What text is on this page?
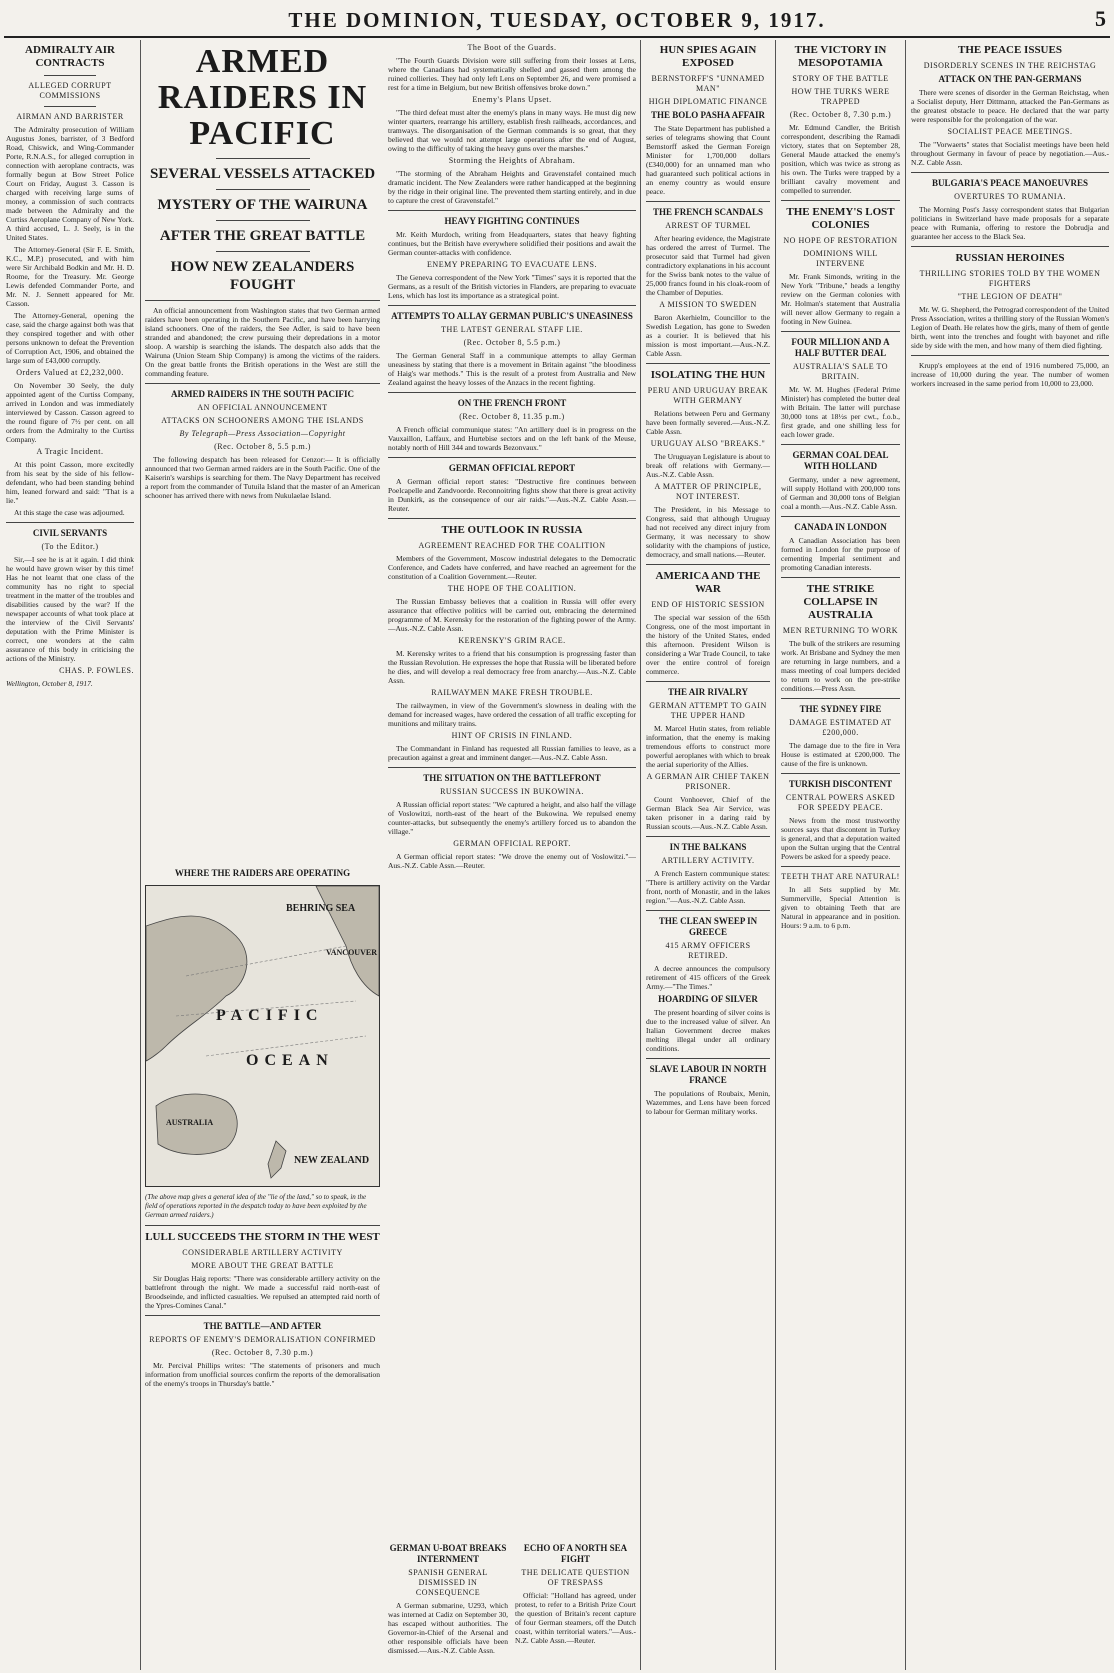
THE DOMINION, TUESDAY, OCTOBER 9, 1917.	5
ADMIRALTY AIR CONTRACTS
ALLEGED CORRUPT COMMISSIONS
AIRMAN AND BARRISTER

The Admiralty prosecution of William Augustus Jones, barrister, of 3 Bedford Road, Chiswick, and Wing-Commander Porte, R.N.A.S., for alleged corruption in connection with aeroplane contracts, was formally begun at Bow Street Police Court on Friday, August 3. Casson is charged with receiving large sums of money, a commission of such contracts made between the Admiralty and the Curtiss Aeroplane Company of New York. A third accused, L. J. Seely, is in the United States.

The Attorney-General (Sir F. E. Smith, K.C., M.P.) prosecuted, and with him were Sir Archibald Bodkin and Mr. H. D. Roome, for the Treasury. Mr. George Lewis defended Commander Porte, and Mr. N. J. Sennett appeared for Mr. Casson.

The Attorney-General, opening the case, said the charge against both was that they conspired together and with other persons unknown to defeat the Prevention of Corruption Act, 1906, and obtained the large sum of £43,000 corruptly.

Orders Valued at £2,232,000.

On November 30 Seely, the duly appointed agent of the Curtiss Company, arrived in London and was immediately interviewed by Casson. Casson agreed to the round figure of 7½ per cent. on all orders from the Admiralty to the Curtiss Company.

A Tragic Incident.

At this point Casson, more excitedly from his seat by the side of his fellow-defendant, who had been standing behind him, leaned forward and said: "That is a lie."

At this stage the case was adjourned.

CIVIL SERVANTS
(To the Editor.)

Sir,—I see he is at it again. I did think he would have grown wiser by this time! Has he not learnt that one class of the community has no right to special treatment in the matter of the troubles and disabilities caused by the war? If the newspaper accounts of what took place at the interview of the Civil Servants' deputation with the Prime Minister is correct, one wonders at the calm assurance of this body in criticising the actions of the Ministry.

CHAS. P. FOWLES.

Wellington, October 8, 1917.

ARMED RAIDERS IN PACIFIC
SEVERAL VESSELS ATTACKED
MYSTERY OF THE WAIRUNA
AFTER THE GREAT BATTLE
HOW NEW ZEALANDERS FOUGHT

An official announcement from Washington states that two German armed raiders have been operating in the Southern Pacific, and have been harrying island schooners. One of the raiders, the See Adler, is said to have been stranded and abandoned; the crew pursuing their depredations in a motor sloop. A warship is searching the islands. The despatch also adds that the Wairuna (Union Steam Ship Company) is among the victims of the raiders. On the great battle fronts the British operations in the West are still the commanding feature.

ARMED RAIDERS IN THE SOUTH PACIFIC
AN OFFICIAL ANNOUNCEMENT
ATTACKS ON SCHOONERS AMONG THE ISLANDS
By Telegraph—Press Association—Copyright
(Rec. October 8, 5.5 p.m.)

The following despatch has been released for Cenzor:— It is officially announced that two German armed raiders are in the South Pacific. One of the Kaiserin's warships is searching for them. The Navy Department has received a report from the commander of Tutuila Island that the master of an American schooner has arrived there with news from Nukulaelae Island.

The Boot of the Guards.

"The Fourth Guards Division were still suffering from their losses at Lens, where the Canadians had systematically shelled and gassed them among the ruined collieries. They had only left Lens on September 26, and were promised a rest for a time in Belgium, but new British offensives broke down."

Enemy's Plans Upset.

"The third defeat must alter the enemy's plans in many ways. He must dig new winter quarters, rearrange his artillery, establish fresh railheads, accordances, and tramways. The disorganisation of the German commands is so great, that they believed that we would not attempt large operations after the end of August, owing to the difficulty of taking the heavy guns over the marshes."

Storming the Heights of Abraham.

"The storming of the Abraham Heights and Gravenstafel contained much dramatic incident. The New Zealanders were rather handicapped at the beginning by the ridge in their original line. The prevented them starting entirely, and in due to capture the crest of Gravenstafel."

HEAVY FIGHTING CONTINUES

Mr. Keith Murdoch, writing from Headquarters, states that heavy fighting continues, but the British have everywhere solidified their positions and await the German counter-attacks with confidence.

ENEMY PREPARING TO EVACUATE LENS.

The Geneva correspondent of the New York "Times" says it is reported that the Germans, as a result of the British victories in Flanders, are preparing to evacuate Lens, which has lost its importance as a strategical point.

ATTEMPTS TO ALLAY GERMAN PUBLIC'S UNEASINESS
THE LATEST GENERAL STAFF LIE.
(Rec. October 8, 5.5 p.m.)

The German General Staff in a communique attempts to allay German uneasiness by stating that there is a movement in Britain against "the bloodiness of Haig's war methods." This is the result of a protest from Australia and New Zealand against the heavy losses of the Anzacs in the recent fighting.

ON THE FRENCH FRONT
(Rec. October 8, 11.35 p.m.)

A French official communique states: "An artillery duel is in progress on the Vauxaillon, Laffaux, and Hurtebise sectors and on the left bank of the Meuse, notably north of Hill 344 and towards Bezonvaux."

GERMAN OFFICIAL REPORT

A German official report states: "Destructive fire continues between Poelcapelle and Zandvoorde. Reconnoitring fights show that there is great activity in Dunkirk, as the consequence of our air raids."—Aus.-N.Z. Cable Assn.—Reuter.

THE OUTLOOK IN RUSSIA
AGREEMENT REACHED FOR THE COALITION

Members of the Government, Moscow industrial delegates to the Democratic Conference, and Cadets have conferred, and have reached an agreement for the constitution of a Coalition Government.—Reuter.

THE HOPE OF THE COALITION.

The Russian Embassy believes that a coalition in Russia will offer every assurance that effective politics will be carried out, embracing the determined programme of M. Kerensky for the restoration of the fighting power of the Army.—Aus.-N.Z. Cable Assn.

KERENSKY'S GRIM RACE.

M. Kerensky writes to a friend that his consumption is progressing faster than the Russian Revolution. He expresses the hope that Russia will be liberated before he dies, and will develop a real democracy free from anarchy.—Aus.-N.Z. Cable Assn.

RAILWAYMEN MAKE FRESH TROUBLE.

The railwaymen, in view of the Government's slowness in dealing with the demand for increased wages, have ordered the cessation of all traffic excepting for munitions and military trains.

HINT OF CRISIS IN FINLAND.

The Commandant in Finland has requested all Russian families to leave, as a precaution against a great and imminent danger.—Aus.-N.Z. Cable Assn.

THE SITUATION ON THE BATTLEFRONT
RUSSIAN SUCCESS IN BUKOWINA.

A Russian official report states: "We captured a height, and also half the village of Voslowitzi, north-east of the heart of the Bukowina. We repulsed enemy counter-attacks, but subsequently the enemy's artillery forced us to abandon the village."

GERMAN OFFICIAL REPORT.

A German official report states: "We drove the enemy out of Voslowitzi."—Aus.-N.Z. Cable Assn.—Reuter.

WHERE THE RAIDERS ARE OPERATING
BEHRING SEA
VANCOUVER
PACIFIC
OCEAN
AUSTRALIA
NEW ZEALAND
(The above map gives a general idea of the "lie of the land," so to speak, in the field of operations reported in the despatch today to have been exploited by the German armed raiders.)
LULL SUCCEEDS THE STORM IN THE WEST
CONSIDERABLE ARTILLERY ACTIVITY
MORE ABOUT THE GREAT BATTLE

Sir Douglas Haig reports: "There was considerable artillery activity on the battlefront through the night. We made a successful raid north-east of Broodseinde, and inflicted casualties. We repulsed an attempted raid north of the Ypres-Comines Canal."

THE BATTLE—AND AFTER
REPORTS OF ENEMY'S DEMORALISATION CONFIRMED
(Rec. October 8, 7.30 p.m.)

Mr. Percival Phillips writes: "The statements of prisoners and much information from unofficial sources confirm the reports of the demoralisation of the enemy's troops in Thursday's battle."

GERMAN U-BOAT BREAKS INTERNMENT
SPANISH GENERAL DISMISSED IN CONSEQUENCE

A German submarine, U293, which was interned at Cadiz on September 30, has escaped without authorities. The Governor-in-Chief of the Arsenal and other responsible officials have been dismissed.—Aus.-N.Z. Cable Assn.

ECHO OF A NORTH SEA FIGHT
THE DELICATE QUESTION OF TRESPASS

Official: "Holland has agreed, under protest, to refer to a British Prize Court the question of Britain's recent capture of four German steamers, off the Dutch coast, within territorial waters."—Aus.-N.Z. Cable Assn.—Reuter.

HUN SPIES AGAIN EXPOSED
BERNSTORFF'S "UNNAMED MAN"
HIGH DIPLOMATIC FINANCE
THE BOLO PASHA AFFAIR

The State Department has published a series of telegrams showing that Count Bernstorff asked the German Foreign Minister for 1,700,000 dollars (£340,000) for an unnamed man who had guaranteed such political actions in an enemy country as would ensure peace.

THE FRENCH SCANDALS
ARREST OF TURMEL

After hearing evidence, the Magistrate has ordered the arrest of Turmel. The prosecutor said that Turmel had given contradictory explanations in his account for the Swiss bank notes to the value of 25,000 francs found in his cloak-room of the Chamber of Deputies.

A MISSION TO SWEDEN

Baron Akerhielm, Councillor to the Swedish Legation, has gone to Sweden as a courier. It is believed that his mission is most important.—Aus.-N.Z. Cable Assn.

ISOLATING THE HUN
PERU AND URUGUAY BREAK WITH GERMANY

Relations between Peru and Germany have been formally severed.—Aus.-N.Z. Cable Assn.

URUGUAY ALSO "BREAKS."

The Uruguayan Legislature is about to break off relations with Germany.—Aus.-N.Z. Cable Assn.

A MATTER OF PRINCIPLE, NOT INTEREST.

The President, in his Message to Congress, said that although Uruguay had not received any direct injury from Germany, it was necessary to show solidarity with the champions of justice, democracy, and small nations.—Reuter.

AMERICA AND THE WAR
END OF HISTORIC SESSION

The special war session of the 65th Congress, one of the most important in the history of the United States, ended this afternoon. President Wilson is considering a War Trade Council, to take over the entire control of foreign commerce.

THE AIR RIVALRY
GERMAN ATTEMPT TO GAIN THE UPPER HAND

M. Marcel Hutin states, from reliable information, that the enemy is making tremendous efforts to construct more powerful aeroplanes with which to break the aerial superiority of the Allies.

A GERMAN AIR CHIEF TAKEN PRISONER.

Count Vonhoever, Chief of the German Black Sea Air Service, was taken prisoner in a daring raid by Russian scouts.—Aus.-N.Z. Cable Assn.

IN THE BALKANS
ARTILLERY ACTIVITY.

A French Eastern communique states: "There is artillery activity on the Vardar front, north of Monastir, and in the lakes region."—Aus.-N.Z. Cable Assn.

THE CLEAN SWEEP IN GREECE
415 ARMY OFFICERS RETIRED.

A decree announces the compulsory retirement of 415 officers of the Greek Army.—"The Times."

HOARDING OF SILVER

The present hoarding of silver coins is due to the increased value of silver. An Italian Government decree makes melting illegal under all ordinary conditions.

SLAVE LABOUR IN NORTH FRANCE

The populations of Roubaix, Menin, Wazemmes, and Lens have been forced to labour for German military works.

THE VICTORY IN MESOPOTAMIA
STORY OF THE BATTLE
HOW THE TURKS WERE TRAPPED
(Rec. October 8, 7.30 p.m.)

Mr. Edmund Candler, the British correspondent, describing the Ramadi victory, states that on September 28, General Maude attacked the enemy's position, which was twice as strong as his own. The Turks were trapped by a brilliant cavalry movement and compelled to surrender.

THE ENEMY'S LOST COLONIES
NO HOPE OF RESTORATION
DOMINIONS WILL INTERVENE

Mr. Frank Simonds, writing in the New York "Tribune," heads a lengthy review on the German colonies with Mr. Holman's statement that Australia will never allow Germany to regain a footing in New Guinea.

FOUR MILLION AND A HALF BUTTER DEAL
AUSTRALIA'S SALE TO BRITAIN.

Mr. W. M. Hughes (Federal Prime Minister) has completed the butter deal with Britain. The latter will purchase 30,000 tons at 18½s per cwt., f.o.b., first grade, and one shilling less for each lower grade.

GERMAN COAL DEAL WITH HOLLAND

Germany, under a new agreement, will supply Holland with 200,000 tons of German and 30,000 tons of Belgian coal a month.—Aus.-N.Z. Cable Assn.

CANADA IN LONDON

A Canadian Association has been formed in London for the purpose of cementing Imperial sentiment and promoting Canadian interests.

THE STRIKE COLLAPSE IN AUSTRALIA
MEN RETURNING TO WORK

The bulk of the strikers are resuming work. At Brisbane and Sydney the men are returning in large numbers, and a mass meeting of coal lumpers decided to return to work on the pre-strike conditions.—Press Assn.

THE SYDNEY FIRE
DAMAGE ESTIMATED AT £200,000.

The damage due to the fire in Vera House is estimated at £200,000. The cause of the fire is unknown.

TURKISH DISCONTENT
CENTRAL POWERS ASKED FOR SPEEDY PEACE.

News from the most trustworthy sources says that discontent in Turkey is general, and that a deputation waited upon the Sultan urging that the Central Powers be asked for a speedy peace.

TEETH THAT ARE NATURAL!

In all Sets supplied by Mr. Summerville, Special Attention is given to obtaining Teeth that are Natural in appearance and in position. Hours: 9 a.m. to 6 p.m.

THE PEACE ISSUES
DISORDERLY SCENES IN THE REICHSTAG
ATTACK ON THE PAN-GERMANS

There were scenes of disorder in the German Reichstag, when a Socialist deputy, Herr Dittmann, attacked the Pan-Germans as the greatest obstacle to peace. He declared that the war party were responsible for the prolongation of the war.

SOCIALIST PEACE MEETINGS.

The "Vorwaerts" states that Socialist meetings have been held throughout Germany in favour of peace by negotiation.—Aus.-N.Z. Cable Assn.

BULGARIA'S PEACE MANOEUVRES
OVERTURES TO RUMANIA.

The Morning Post's Jassy correspondent states that Bulgarian politicians in Switzerland have made proposals for a separate peace with Rumania, offering to restore the Dobrudja and guarantee her access to the Black Sea.

RUSSIAN HEROINES
THRILLING STORIES TOLD BY THE WOMEN FIGHTERS
"THE LEGION OF DEATH"

Mr. W. G. Shepherd, the Petrograd correspondent of the United Press Association, writes a thrilling story of the Russian Women's Legion of Death. He relates how the girls, many of them of gentle birth, went into the trenches and fought with bayonet and rifle side by side with the men, and how many of them died fighting.

Krupp's employees at the end of 1916 numbered 75,000, an increase of 10,000 during the year. The number of women workers increased in the same period from 10,000 to 23,000.
